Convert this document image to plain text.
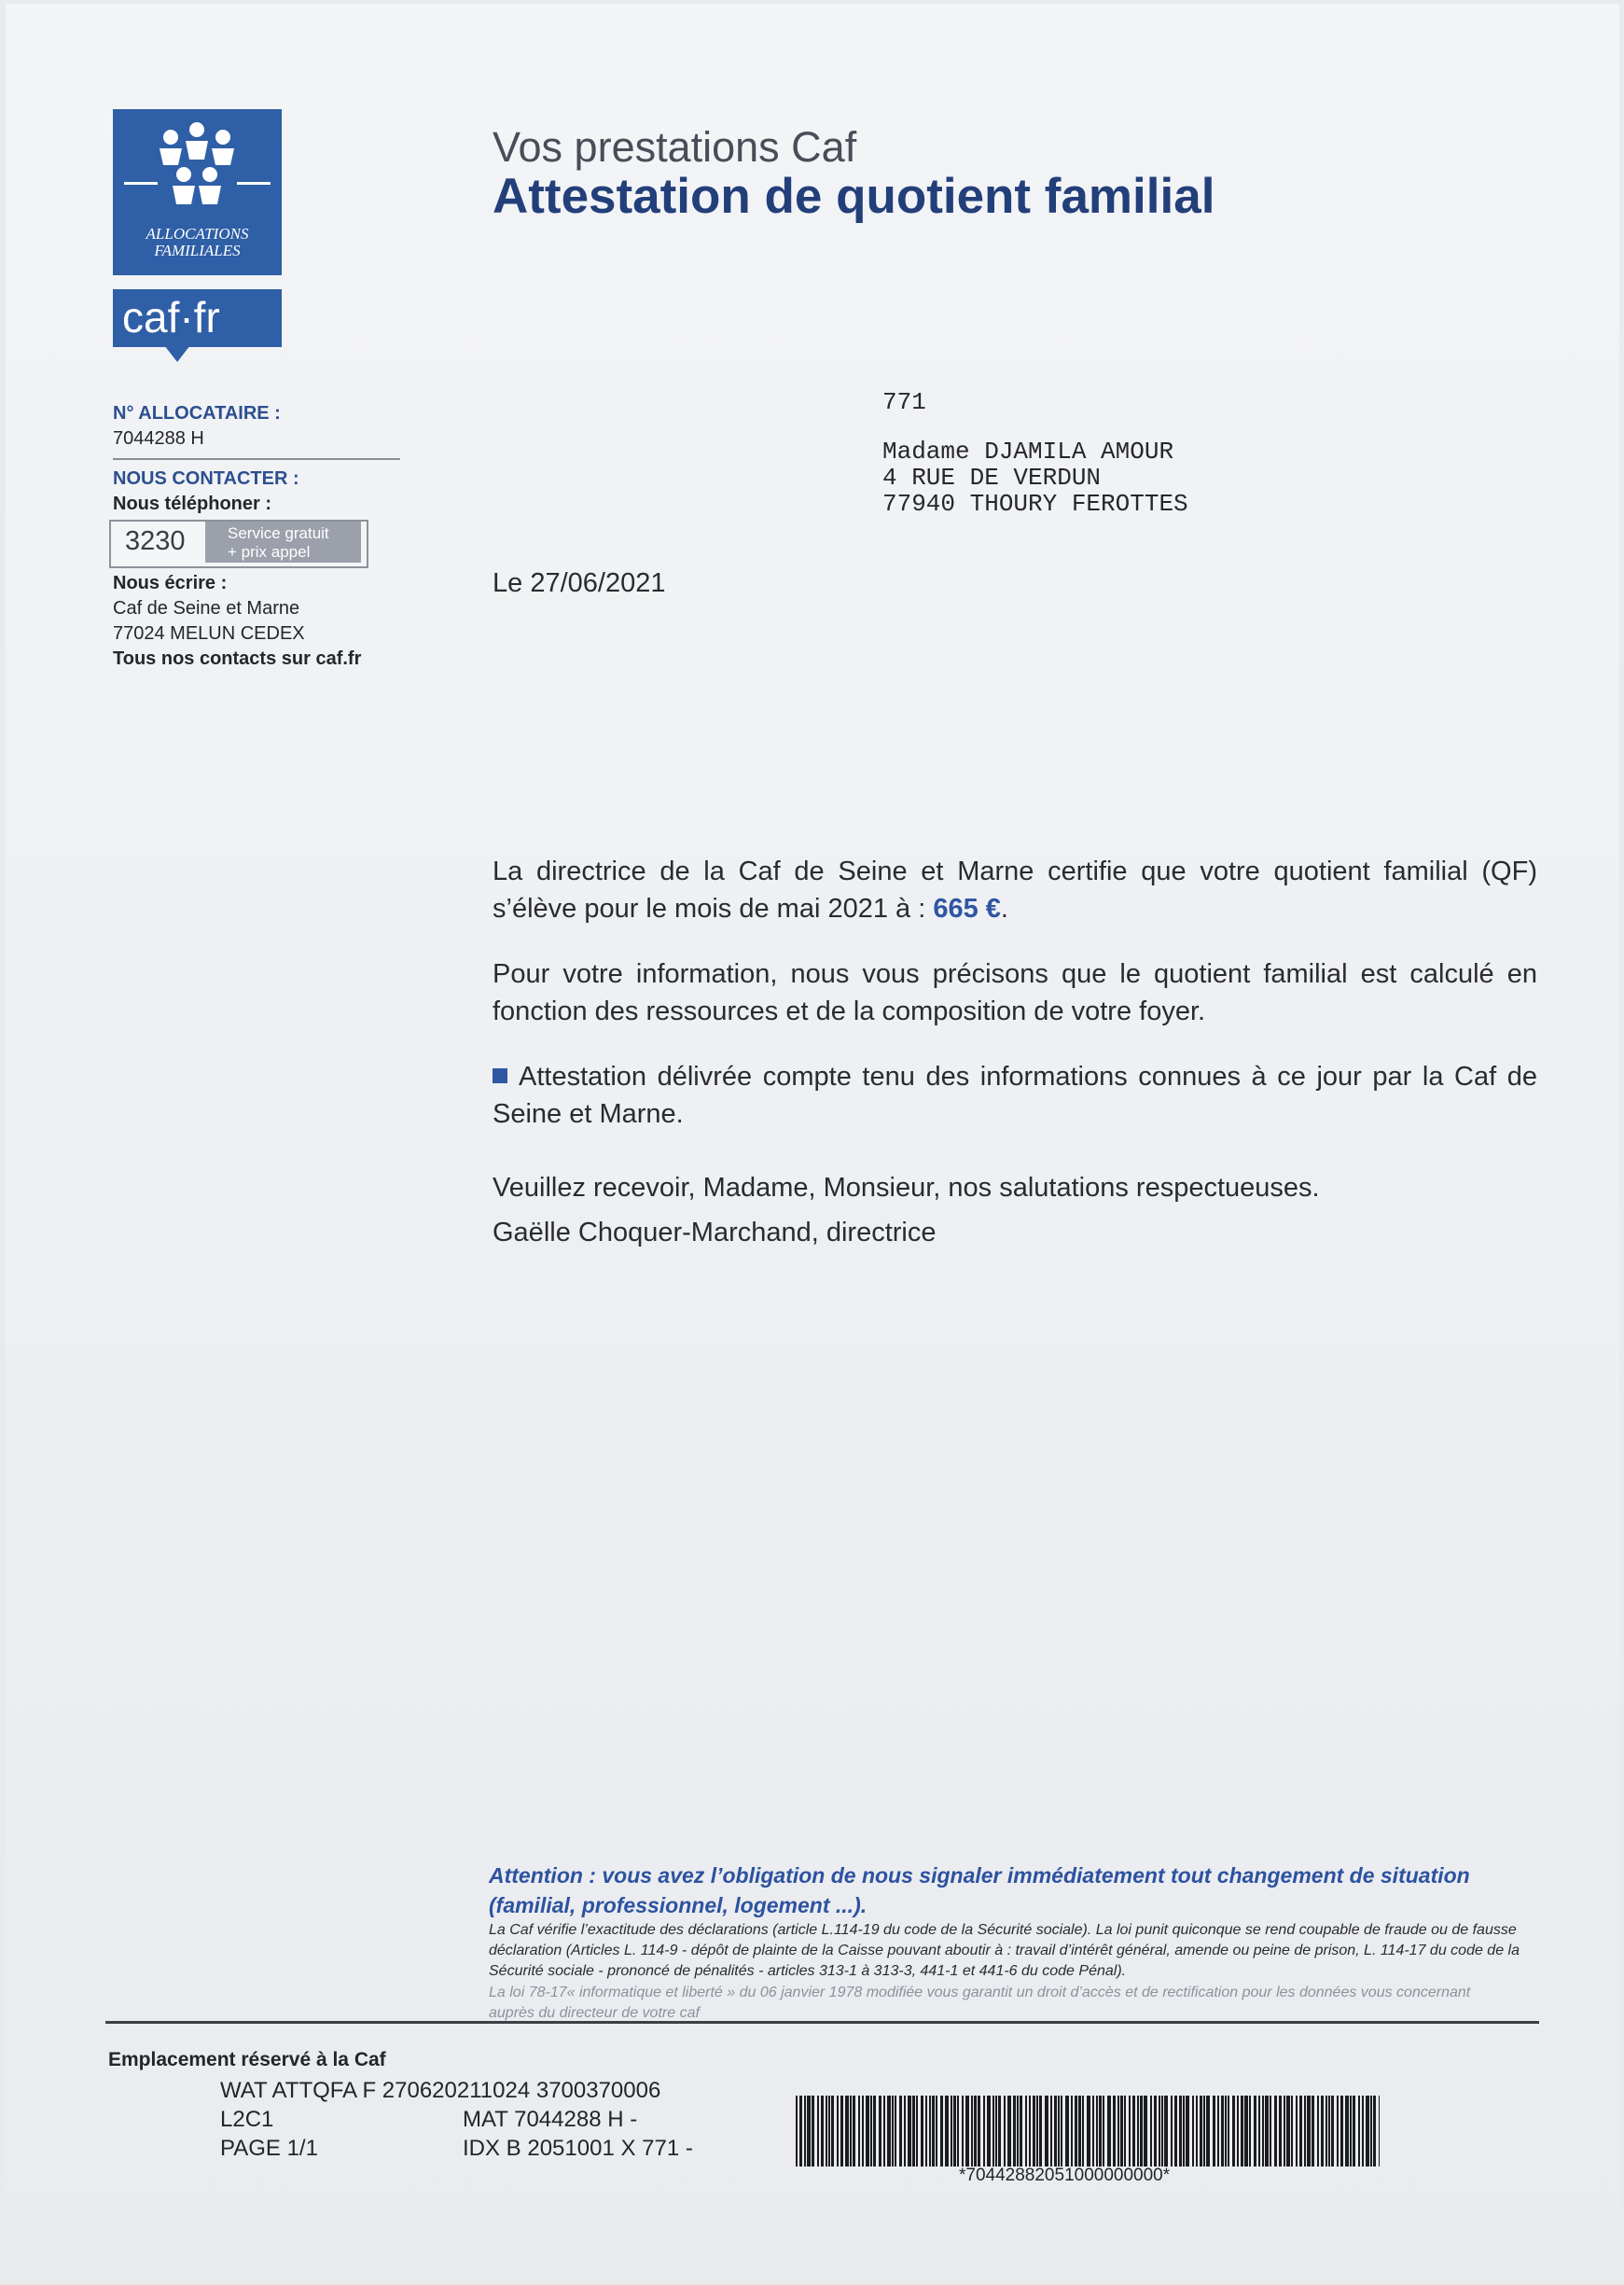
ALLOCATIONS
FAMILIALES
caf·fr
Vos prestations Caf
Attestation de quotient familial
N° ALLOCATAIRE :
7044288 H
NOUS CONTACTER :
Nous téléphoner :
3230	Service gratuit
+ prix appel
Nous écrire :
Caf de Seine et Marne
77024 MELUN CEDEX
Tous nos contacts sur caf.fr
771
Madame DJAMILA AMOUR
4 RUE DE VERDUN
77940 THOURY FEROTTES
Le 27/06/2021
La directrice de la Caf de Seine et Marne certifie que votre quotient familial (QF) s’élève pour le mois de mai 2021 à : 665 €.
Pour votre information, nous vous précisons que le quotient familial est calculé en fonction des ressources et de la composition de votre foyer.
Attestation délivrée compte tenu des informations connues à ce jour par la Caf de Seine et Marne.
Veuillez recevoir, Madame, Monsieur, nos salutations respectueuses.
Gaëlle Choquer-Marchand, directrice
Attention : vous avez l’obligation de nous signaler immédiatement tout changement de situation (familial, professionnel, logement ...).
La Caf vérifie l’exactitude des déclarations (article L.114-19 du code de la Sécurité sociale). La loi punit quiconque se rend coupable de fraude ou de fausse déclaration (Articles L. 114-9 - dépôt de plainte de la Caisse pouvant aboutir à : travail d’intérêt général, amende ou peine de prison, L. 114-17 du code de la Sécurité sociale - prononcé de pénalités - articles 313-1 à 313-3, 441-1 et 441-6 du code Pénal).
La loi 78-17« informatique et liberté » du 06 janvier 1978 modifiée vous garantit un droit d’accès et de rectification pour les données vous concernant auprès du directeur de votre caf
Emplacement réservé à la Caf
WAT ATTQFA F 270620211024 3700370006
L2C1	MAT 7044288 H -
PAGE 1/1	IDX B 2051001 X 771 -
*70442882051000000000*
